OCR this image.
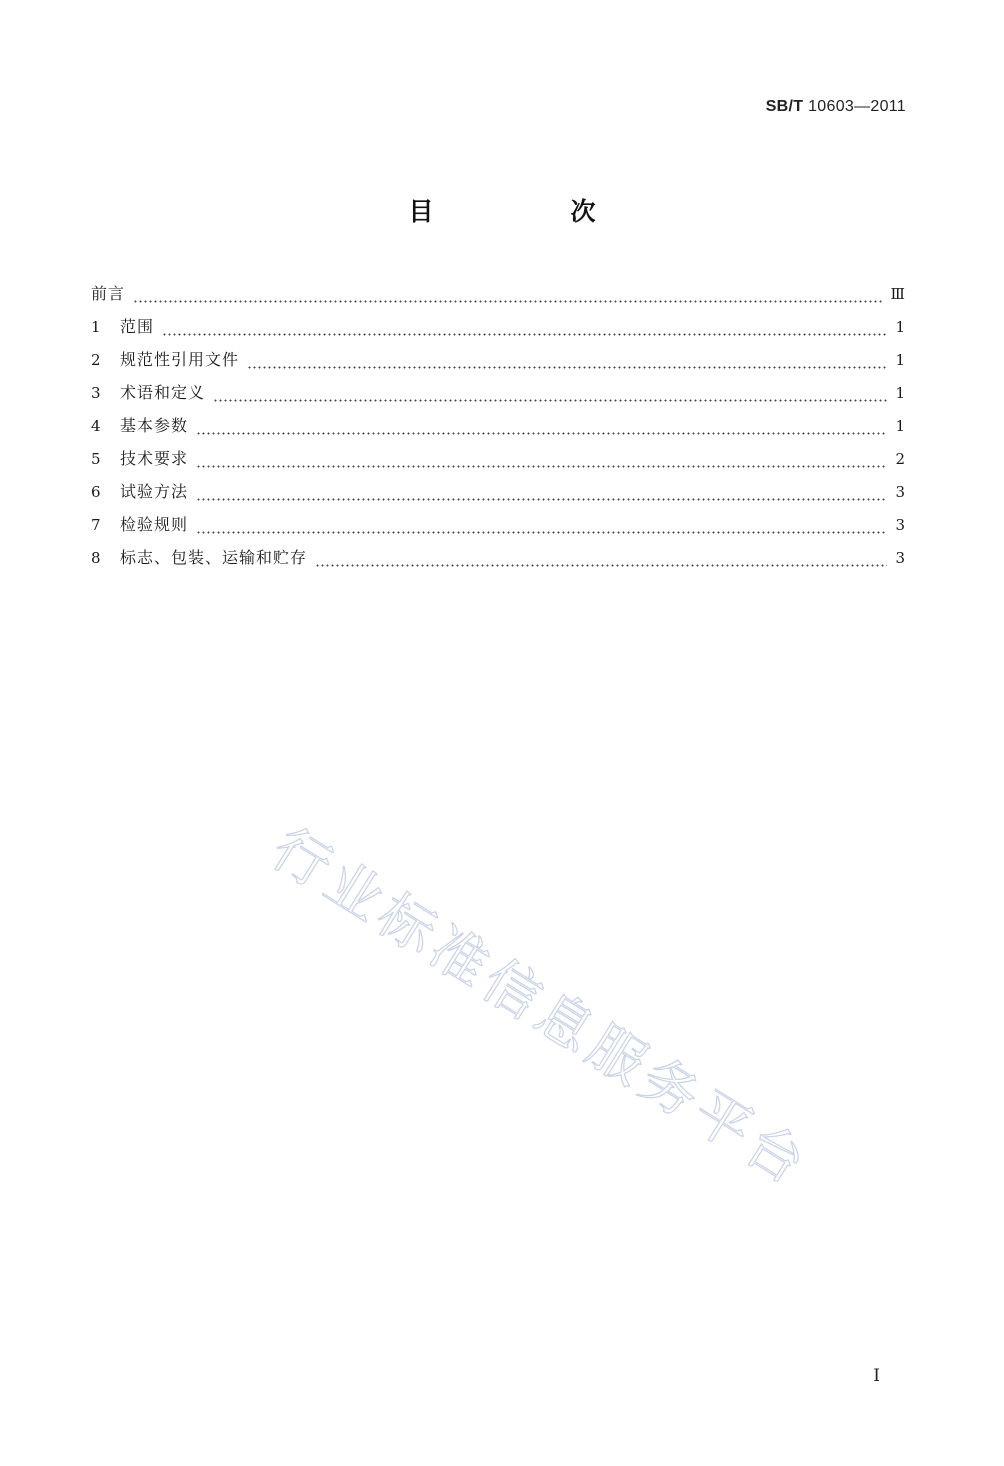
SB/T 10603—2011
目　次
前言	Ⅲ
1	范围	1
2	规范性引用文件	1
3	术语和定义	1
4	基本参数	1
5	技术要求	2
6	试验方法	3
7	检验规则	3
8	标志、包装、运输和贮存	3
行业标准信息服务平台
I
